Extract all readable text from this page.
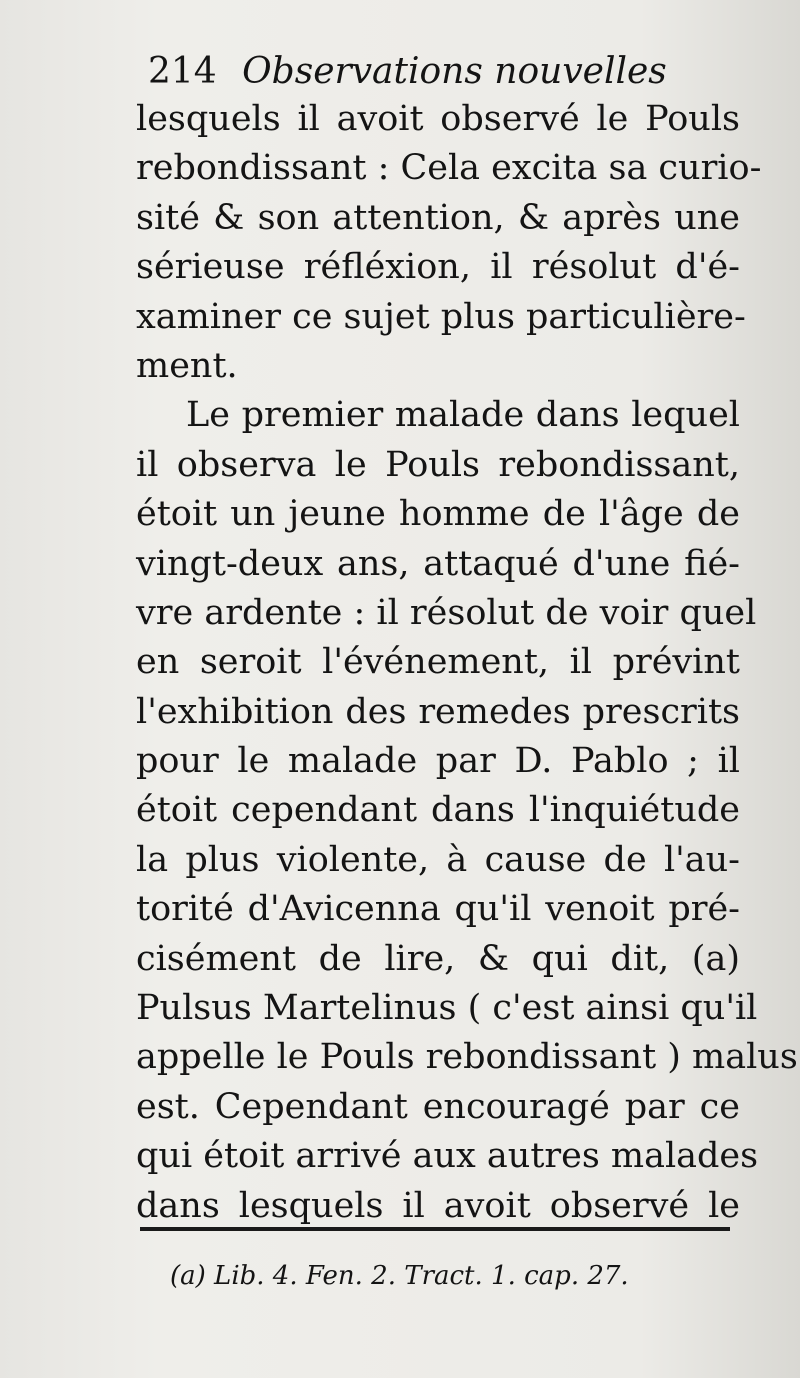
214 Observations nouvelles
lesquels il avoit observé le Pouls
rebondissant : Cela excita sa curio-
sité & son attention, & après une
sérieuse réfléxion, il résolut d'é-
xaminer ce sujet plus particulière-
ment.
Le premier malade dans lequel
il observa le Pouls rebondissant,
étoit un jeune homme de l'âge de
vingt-deux ans, attaqué d'une fié-
vre ardente : il résolut de voir quel
en seroit l'événement, il prévint
l'exhibition des remedes prescrits
pour le malade par D. Pablo ; il
étoit cependant dans l'inquiétude
la plus violente, à cause de l'au-
torité d'Avicenna qu'il venoit pré-
cisément de lire, & qui dit, (a)
Pulsus Martelinus ( c'est ainsi qu'il
appelle le Pouls rebondissant ) malus
est. Cependant encouragé par ce
qui étoit arrivé aux autres malades
dans lesquels il avoit observé le
(a) Lib. 4. Fen. 2. Tract. 1. cap. 27.
